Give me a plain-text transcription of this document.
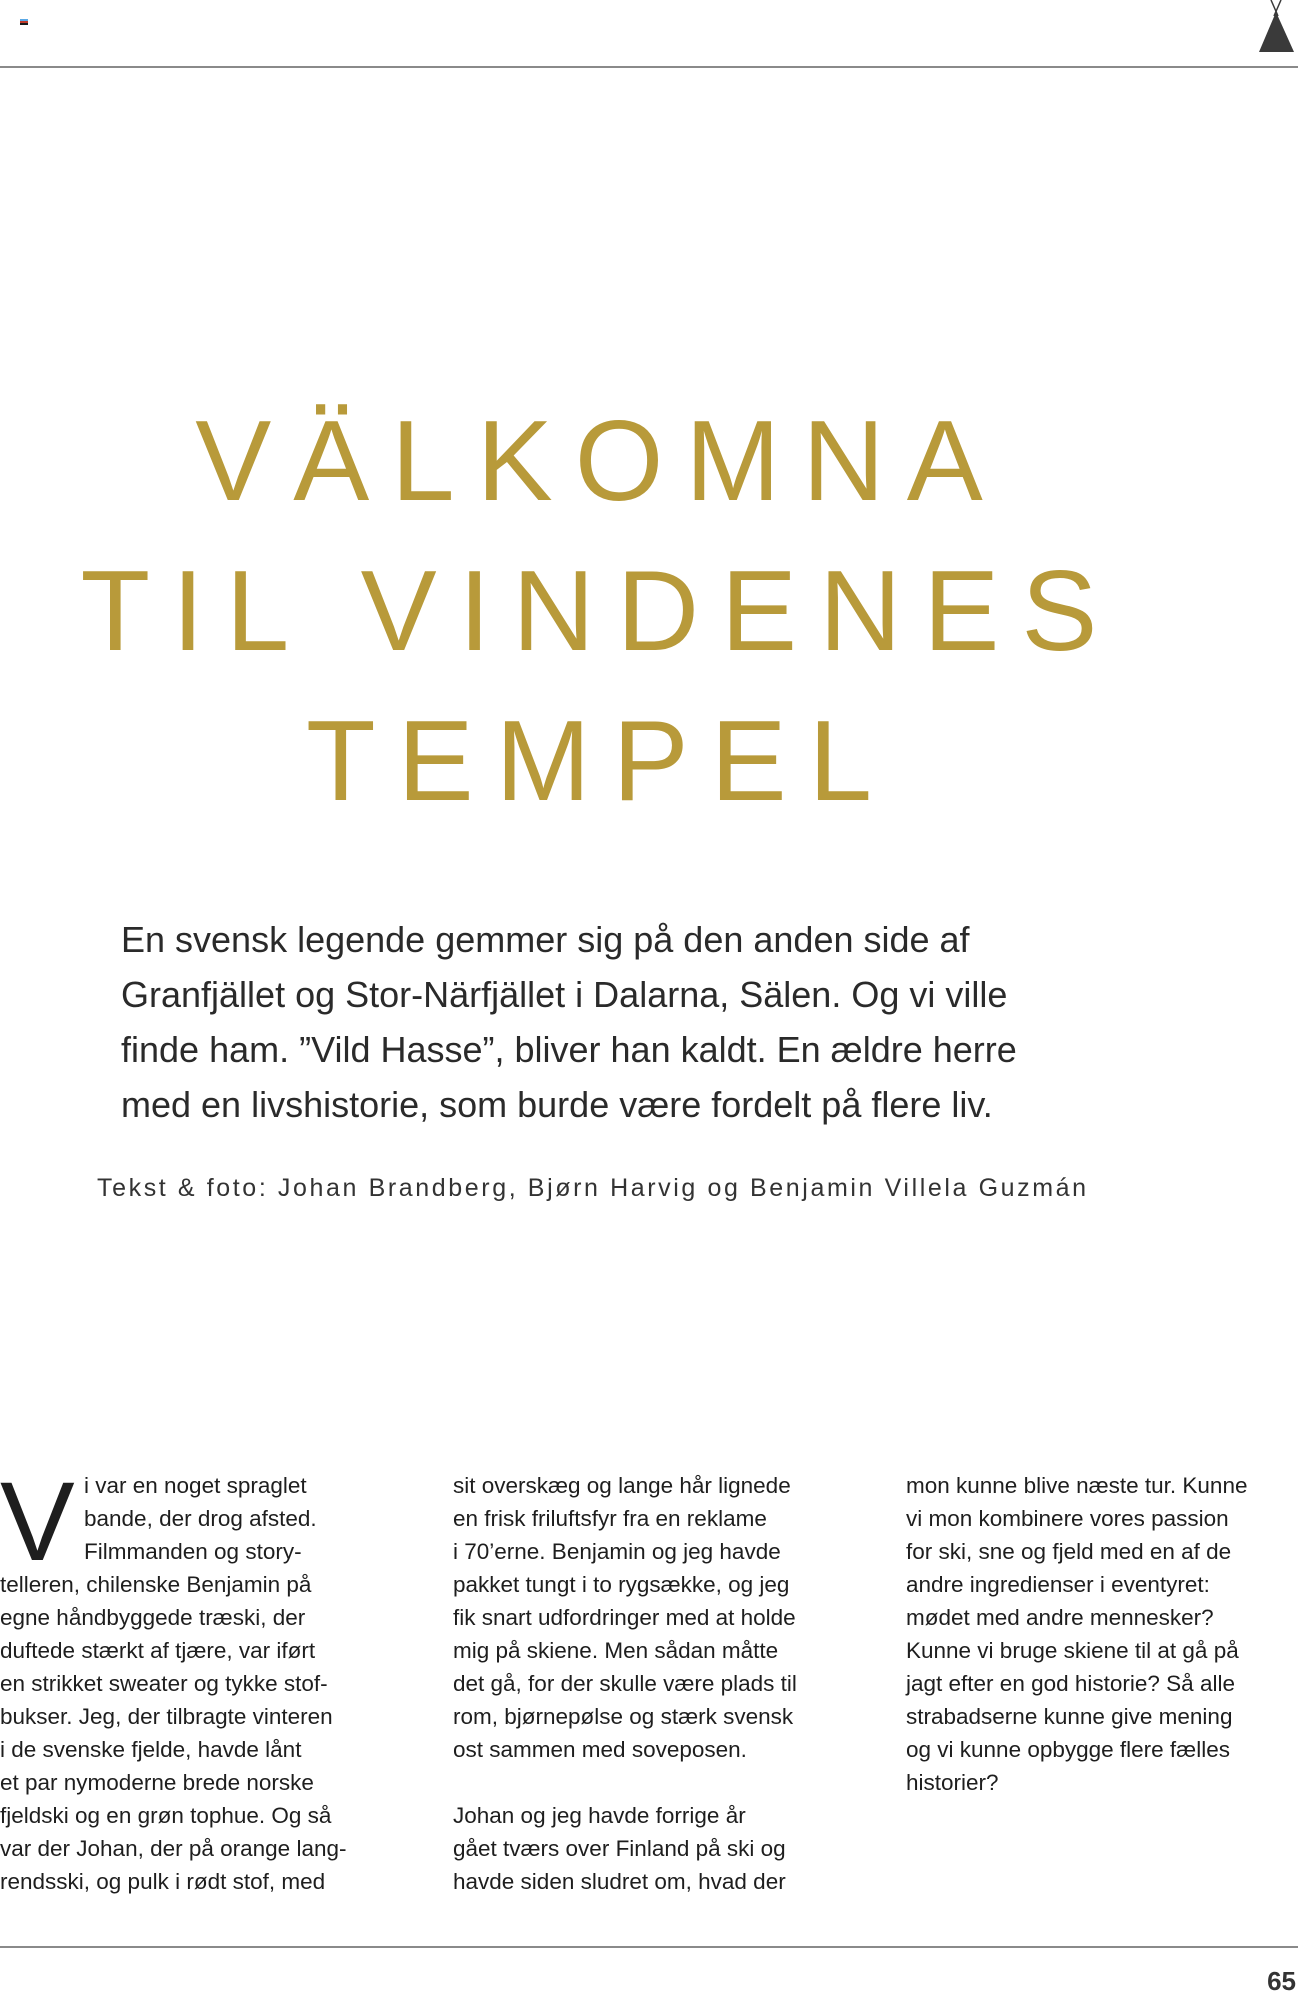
VÄLKOMNA
TIL VINDENES
TEMPEL
En svensk legende gemmer sig på den anden side af
Granfjället og Stor-Närfjället i Dalarna, Sälen. Og vi ville
finde ham. ”Vild Hasse”, bliver han kaldt. En ældre herre
med en livshistorie, som burde være fordelt på flere liv.
Tekst & foto: Johan Brandberg, Bjørn Harvig og Benjamin Villela Guzmán
V i var en noget spraglet
bande, der drog afsted.
Filmmanden og story-
telleren, chilenske Benjamin på
egne håndbyggede træski, der
duftede stærkt af tjære, var iført
en strikket sweater og tykke stof-
bukser. Jeg, der tilbragte vinteren
i de svenske fjelde, havde lånt
et par nymoderne brede norske
fjeldski og en grøn tophue. Og så
var der Johan, der på orange lang-
rendsski, og pulk i rødt stof, med
sit overskæg og lange hår lignede
en frisk friluftsfyr fra en reklame
i 70’erne. Benjamin og jeg havde
pakket tungt i to rygsække, og jeg
fik snart udfordringer med at holde
mig på skiene. Men sådan måtte
det gå, for der skulle være plads til
rom, bjørnepølse og stærk svensk
ost sammen med soveposen.
Johan og jeg havde forrige år
gået tværs over Finland på ski og
havde siden sludret om, hvad der
mon kunne blive næste tur. Kunne
vi mon kombinere vores passion
for ski, sne og fjeld med en af de
andre ingredienser i eventyret:
mødet med andre mennesker?
Kunne vi bruge skiene til at gå på
jagt efter en god historie? Så alle
strabadserne kunne give mening
og vi kunne opbygge flere fælles
historier?
65
